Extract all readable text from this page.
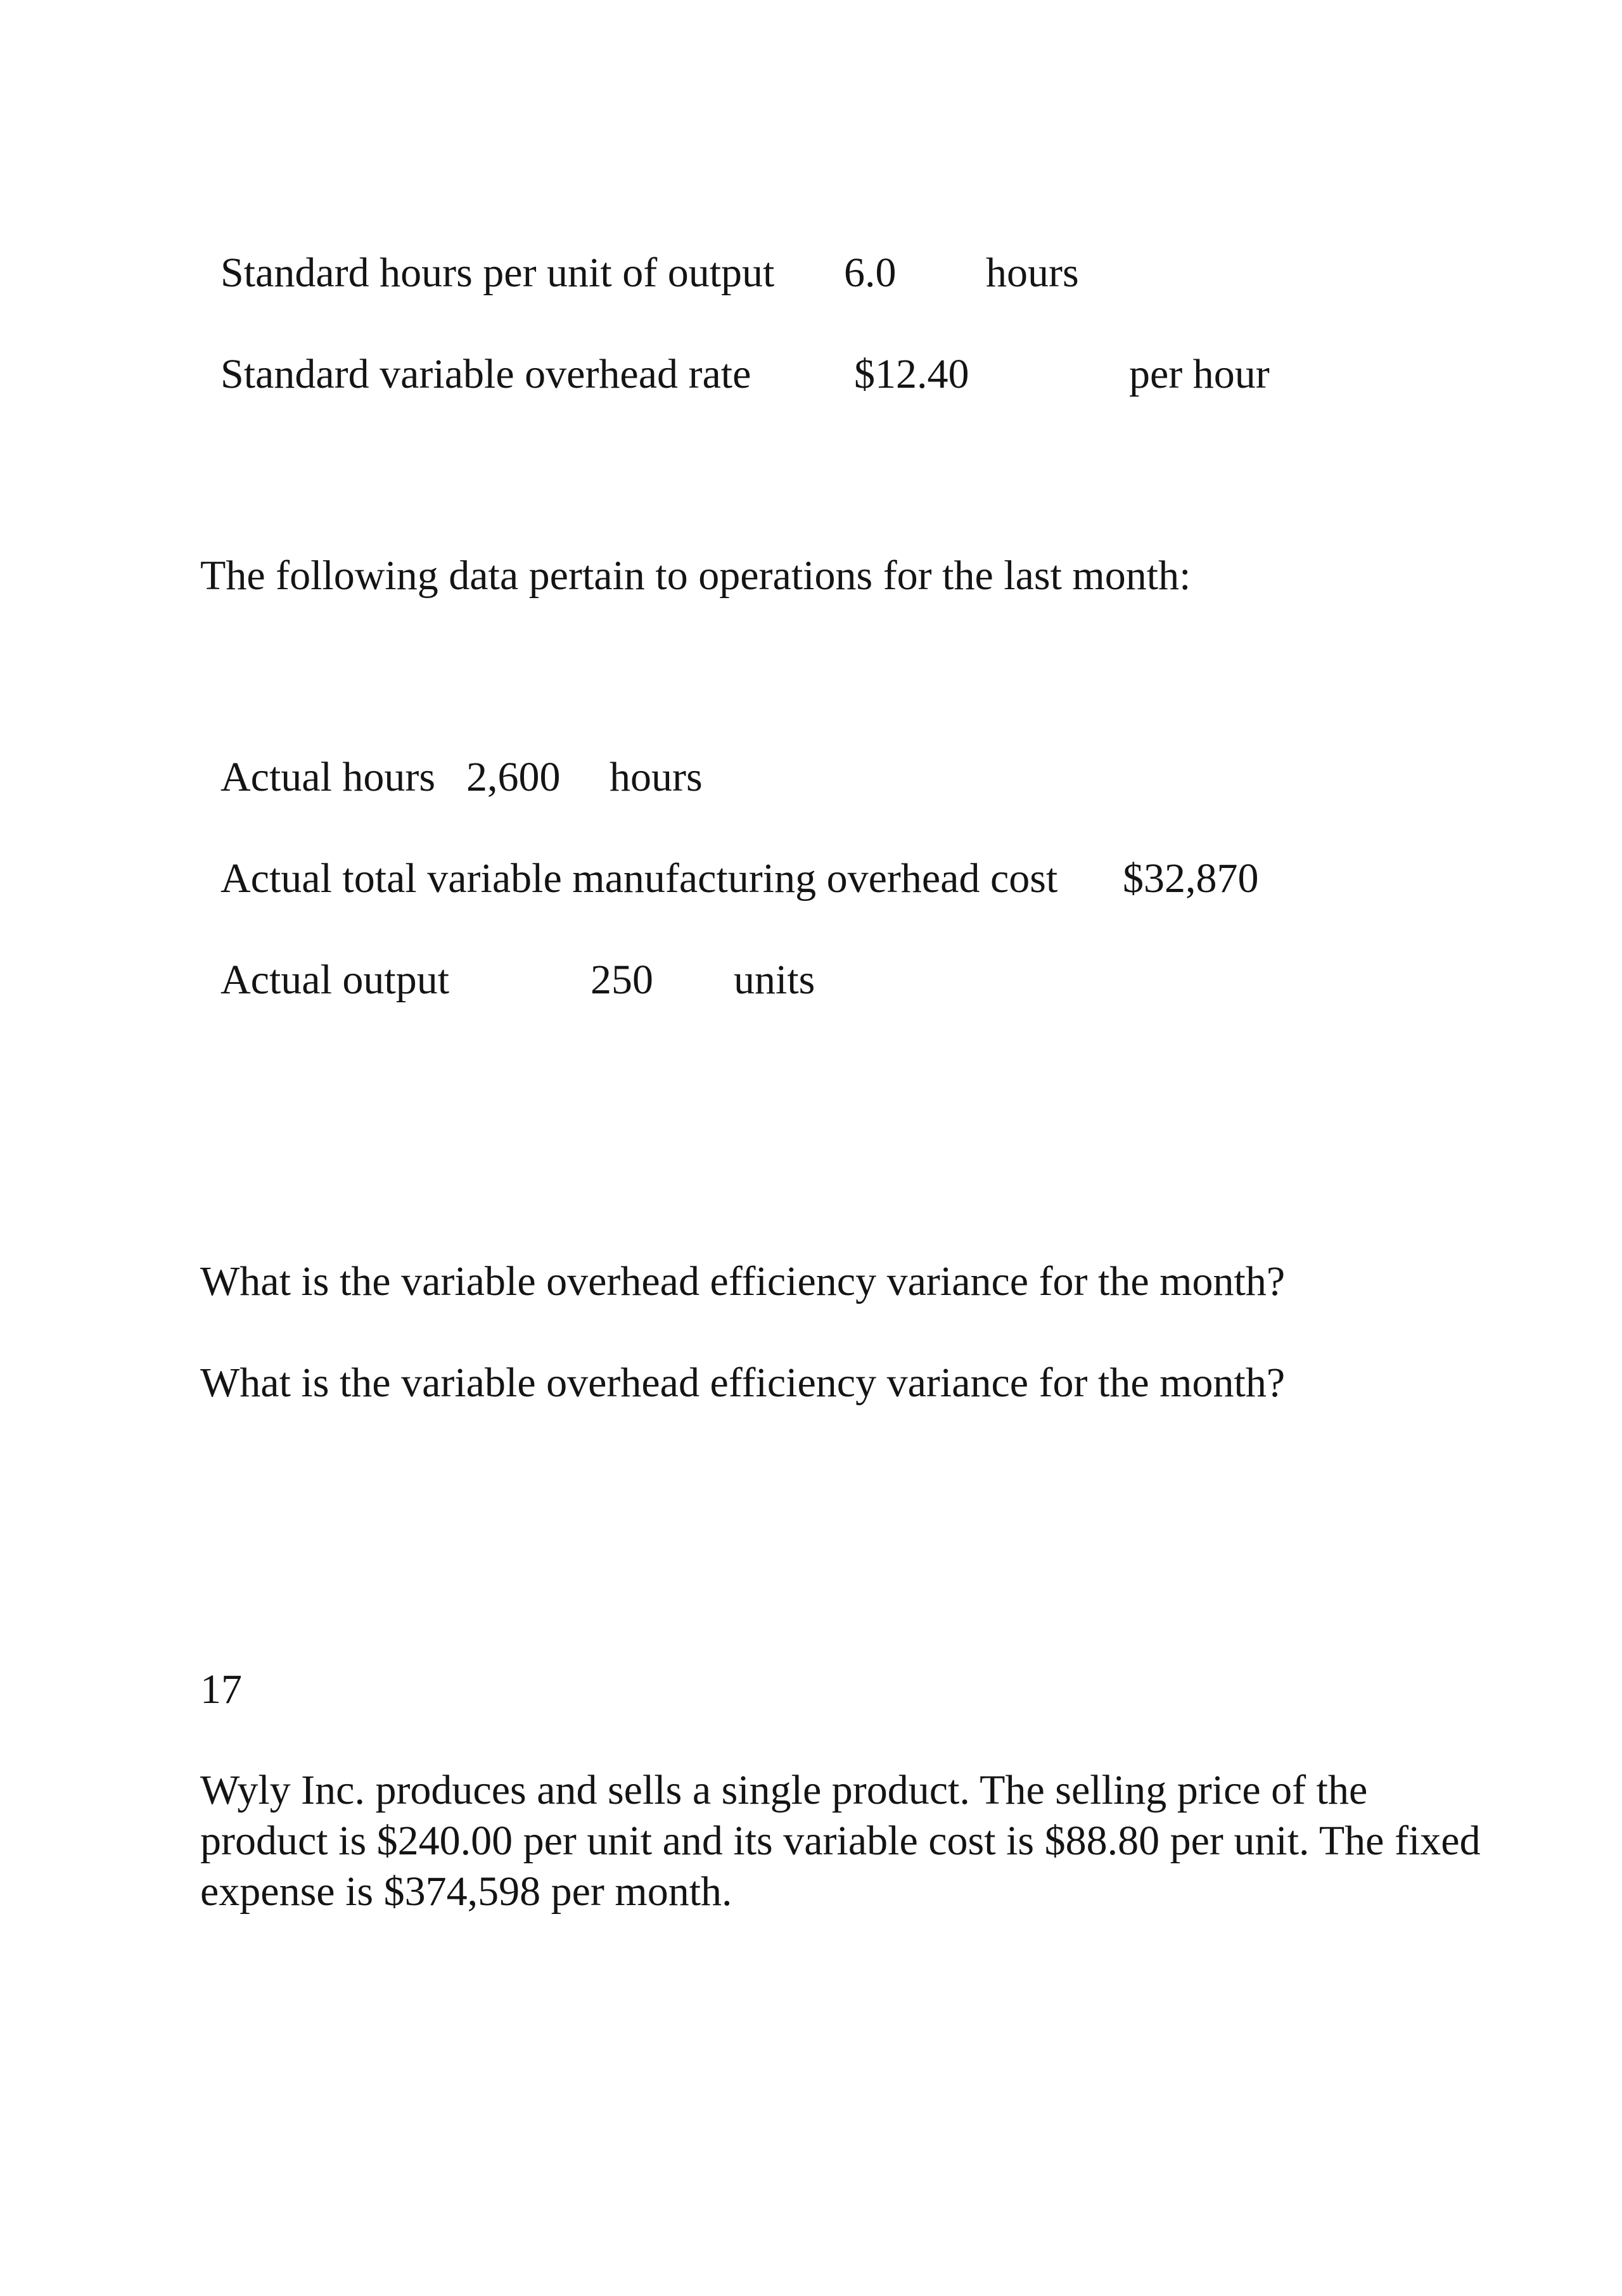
Standard hours per unit of output 6.0 hours
Standard variable overhead rate $12.40	per hour
The following data pertain to operations for the last month:
Actual hours 2,600 hours
Actual total variable manufacturing overhead cost $32,870
Actual output	250 units
What is the variable overhead efficiency variance for the month?
What is the variable overhead efficiency variance for the month?
17
Wyly Inc. produces and sells a single product. The selling price of the product is $240.00 per unit and its variable cost is $88.80 per unit. The fixed expense is $374,598 per month.
